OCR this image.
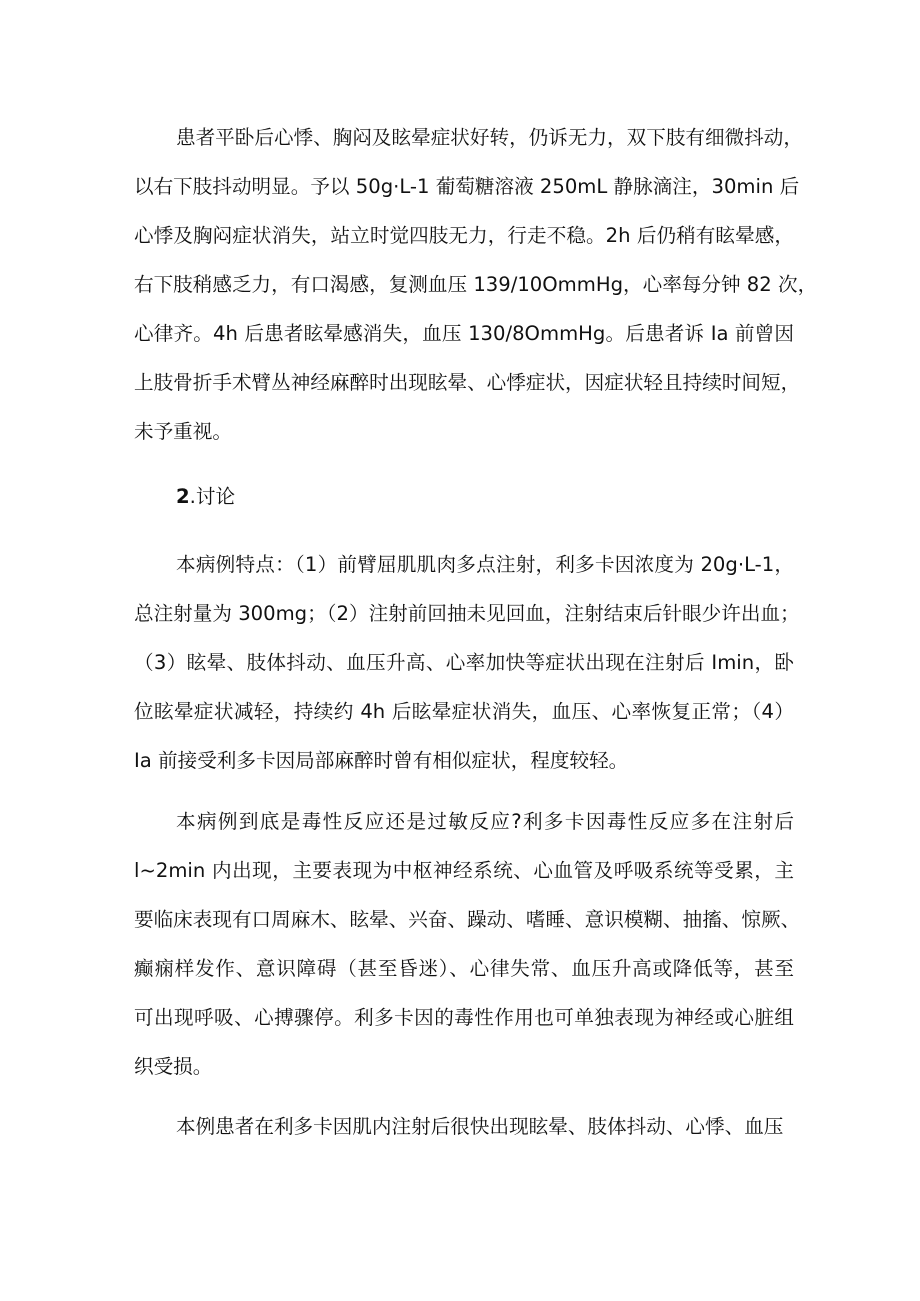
患者平卧后心悸、胸闷及眩晕症状好转，仍诉无力，双下肢有细微抖动，
以右下肢抖动明显。予以 50g·L-1 葡萄糖溶液 250mL 静脉滴注，30min 后
心悸及胸闷症状消失，站立时觉四肢无力，行走不稳。2h 后仍稍有眩晕感，
右下肢稍感乏力，有口渴感，复测血压 139/10OmmHg，心率每分钟 82 次，
心律齐。4h 后患者眩晕感消失，血压 130/8OmmHg。后患者诉 Ia 前曾因
上肢骨折手术臂丛神经麻醉时出现眩晕、心悸症状，因症状轻且持续时间短，
未予重视。
2.讨论
本病例特点：（1）前臂屈肌肌肉多点注射，利多卡因浓度为 20g·L-1，
总注射量为 300mg；（2）注射前回抽未见回血，注射结束后针眼少许出血；
（3）眩晕、肢体抖动、血压升高、心率加快等症状出现在注射后 Imin，卧
位眩晕症状减轻，持续约 4h 后眩晕症状消失，血压、心率恢复正常；（4）
Ia 前接受利多卡因局部麻醉时曾有相似症状，程度较轻。
本病例到底是毒性反应还是过敏反应?利多卡因毒性反应多在注射后
l~2min 内出现，主要表现为中枢神经系统、心血管及呼吸系统等受累，主
要临床表现有口周麻木、眩晕、兴奋、躁动、嗜睡、意识模糊、抽搐、惊厥、
癫痫样发作、意识障碍（甚至昏迷）、心律失常、血压升高或降低等，甚至
可出现呼吸、心搏骤停。利多卡因的毒性作用也可单独表现为神经或心脏组
织受损。
本例患者在利多卡因肌内注射后很快出现眩晕、肢体抖动、心悸、血压
